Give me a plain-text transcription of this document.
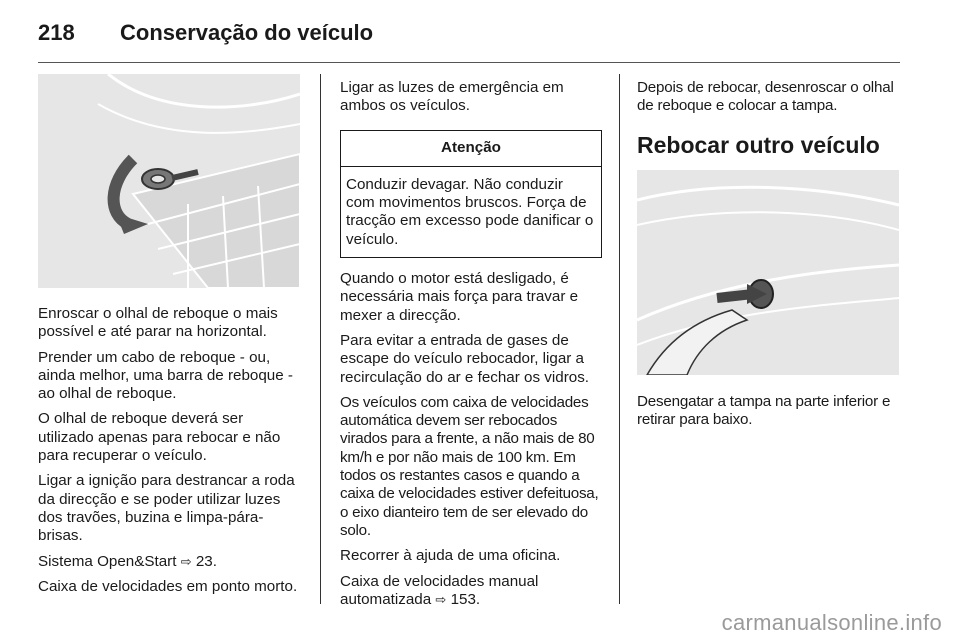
218 Conservação do veículo

Enroscar o olhal de reboque o mais possível e até parar na horizontal.

Prender um cabo de reboque - ou, ainda melhor, uma barra de reboque - ao olhal de reboque.

O olhal de reboque deverá ser utilizado apenas para rebocar e não para recuperar o veículo.

Ligar a ignição para destrancar a roda da direcção e se poder utilizar luzes dos travões, buzina e limpa-pára-brisas.

Sistema Open&Start ⇨ 23.

Caixa de velocidades em ponto morto.

Ligar as luzes de emergência em ambos os veículos.

Atenção
Conduzir devagar. Não conduzir com movimentos bruscos. Força de tracção em excesso pode danificar o veículo.

Quando o motor está desligado, é necessária mais força para travar e mexer a direcção.

Para evitar a entrada de gases de escape do veículo rebocador, ligar a recirculação do ar e fechar os vidros.

Os veículos com caixa de velocidades automática devem ser rebocados virados para a frente, a não mais de 80 km/h e por não mais de 100 km. Em todos os restantes casos e quando a caixa de velocidades estiver defeituosa, o eixo dianteiro tem de ser elevado do solo.

Recorrer à ajuda de uma oficina.

Caixa de velocidades manual automatizada ⇨ 153.

Depois de rebocar, desenroscar o olhal de reboque e colocar a tampa.

Rebocar outro veículo

Desengatar a tampa na parte inferior e retirar para baixo.

carmanualsonline.info
